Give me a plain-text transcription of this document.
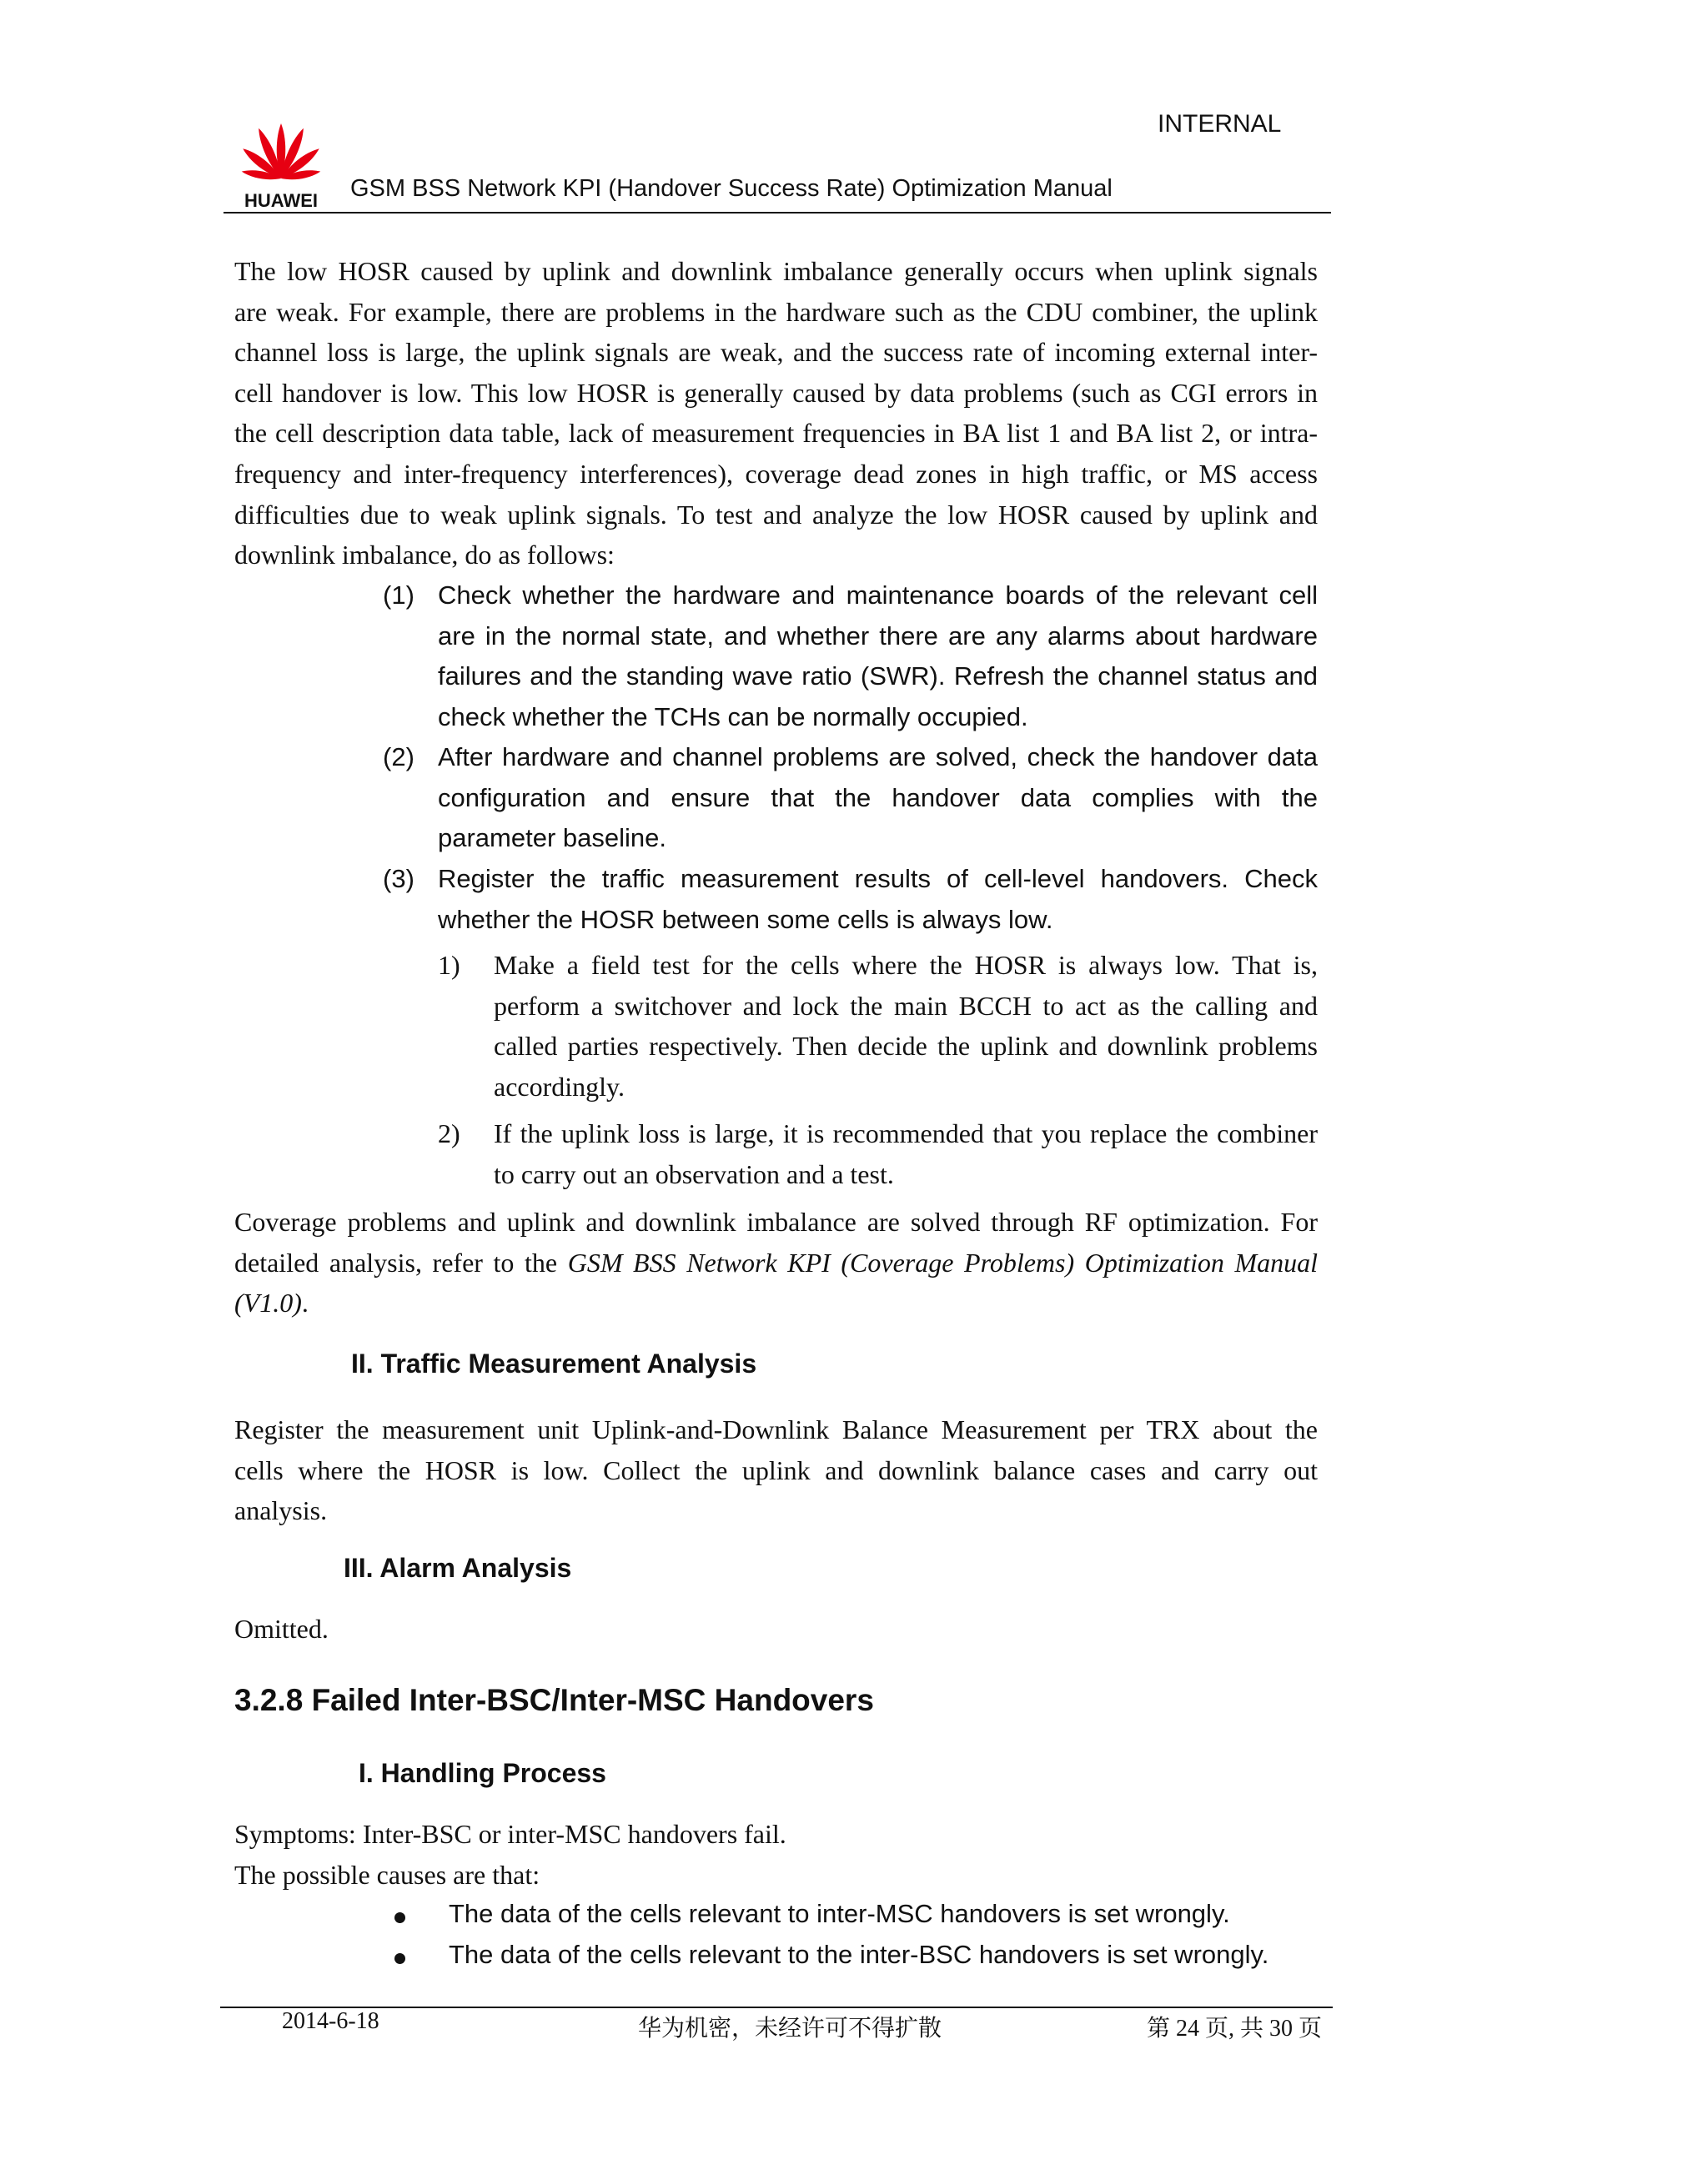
HUAWEI
INTERNAL
GSM BSS Network KPI (Handover Success Rate) Optimization Manual
The low HOSR caused by uplink and downlink imbalance generally occurs when uplink signals
are weak. For example, there are problems in the hardware such as the CDU combiner, the uplink
channel loss is large, the uplink signals are weak, and the success rate of incoming external inter-
cell handover is low. This low HOSR is generally caused by data problems (such as CGI errors in
the cell description data table, lack of measurement frequencies in BA list 1 and BA list 2, or intra-
frequency and inter-frequency interferences), coverage dead zones in high traffic, or MS access
difficulties due to weak uplink signals. To test and analyze the low HOSR caused by uplink and
downlink imbalance, do as follows:
(1) Check whether the hardware and maintenance boards of the relevant cell
are in the normal state, and whether there are any alarms about hardware
failures and the standing wave ratio (SWR). Refresh the channel status and
check whether the TCHs can be normally occupied.
(2) After hardware and channel problems are solved, check the handover data
configuration and ensure that the handover data complies with the
parameter baseline.
(3) Register the traffic measurement results of cell-level handovers. Check
whether the HOSR between some cells is always low.
1) Make a field test for the cells where the HOSR is always low. That is,
perform a switchover and lock the main BCCH to act as the calling and
called parties respectively. Then decide the uplink and downlink problems
accordingly.
2) If the uplink loss is large, it is recommended that you replace the combiner
to carry out an observation and a test.
Coverage problems and uplink and downlink imbalance are solved through RF optimization. For
detailed analysis, refer to the GSM BSS Network KPI (Coverage Problems) Optimization Manual
(V1.0).
II. Traffic Measurement Analysis
Register the measurement unit Uplink-and-Downlink Balance Measurement per TRX about the
cells where the HOSR is low. Collect the uplink and downlink balance cases and carry out
analysis.
III. Alarm Analysis
Omitted.
3.2.8 Failed Inter-BSC/Inter-MSC Handovers
I. Handling Process
Symptoms: Inter-BSC or inter-MSC handovers fail.
The possible causes are that:
The data of the cells relevant to inter-MSC handovers is set wrongly.
The data of the cells relevant to the inter-BSC handovers is set wrongly.
2014-6-18	华为机密，未经许可不得扩散	第 24 页, 共 30 页
